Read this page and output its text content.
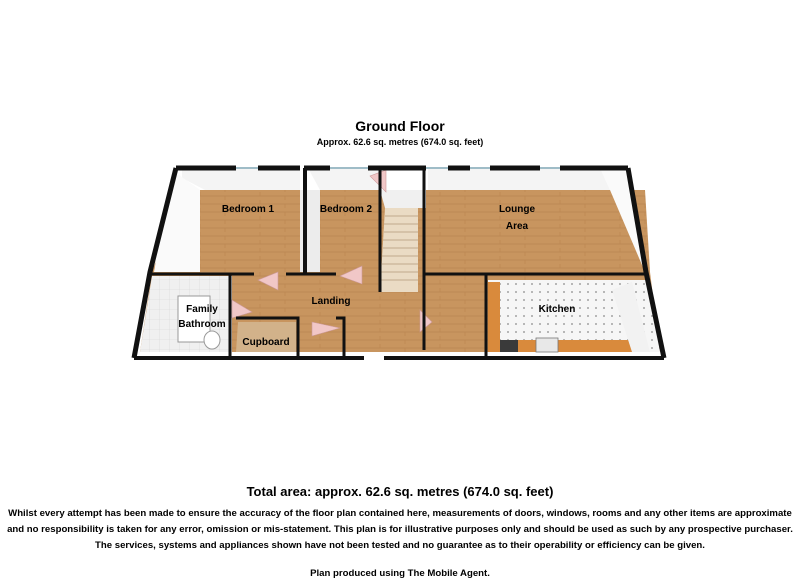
Ground Floor
Approx. 62.6 sq. metres (674.0 sq. feet)
Bedroom 1	Bedroom 2	Lounge
Area
Family
Bathroom
Landing
Kitchen
Cupboard
Total area: approx. 62.6 sq. metres (674.0 sq. feet)
Whilst every attempt has been made to ensure the accuracy of the floor plan contained here, measurements of doors, windows, rooms and any other items are approximate and no responsibility is taken for any error, omission or mis-statement. This plan is for illustrative purposes only and should be used as such by any prospective purchaser. The services, systems and appliances shown have not been tested and no guarantee as to their operability or efficiency can be given.
Plan produced using The Mobile Agent.
